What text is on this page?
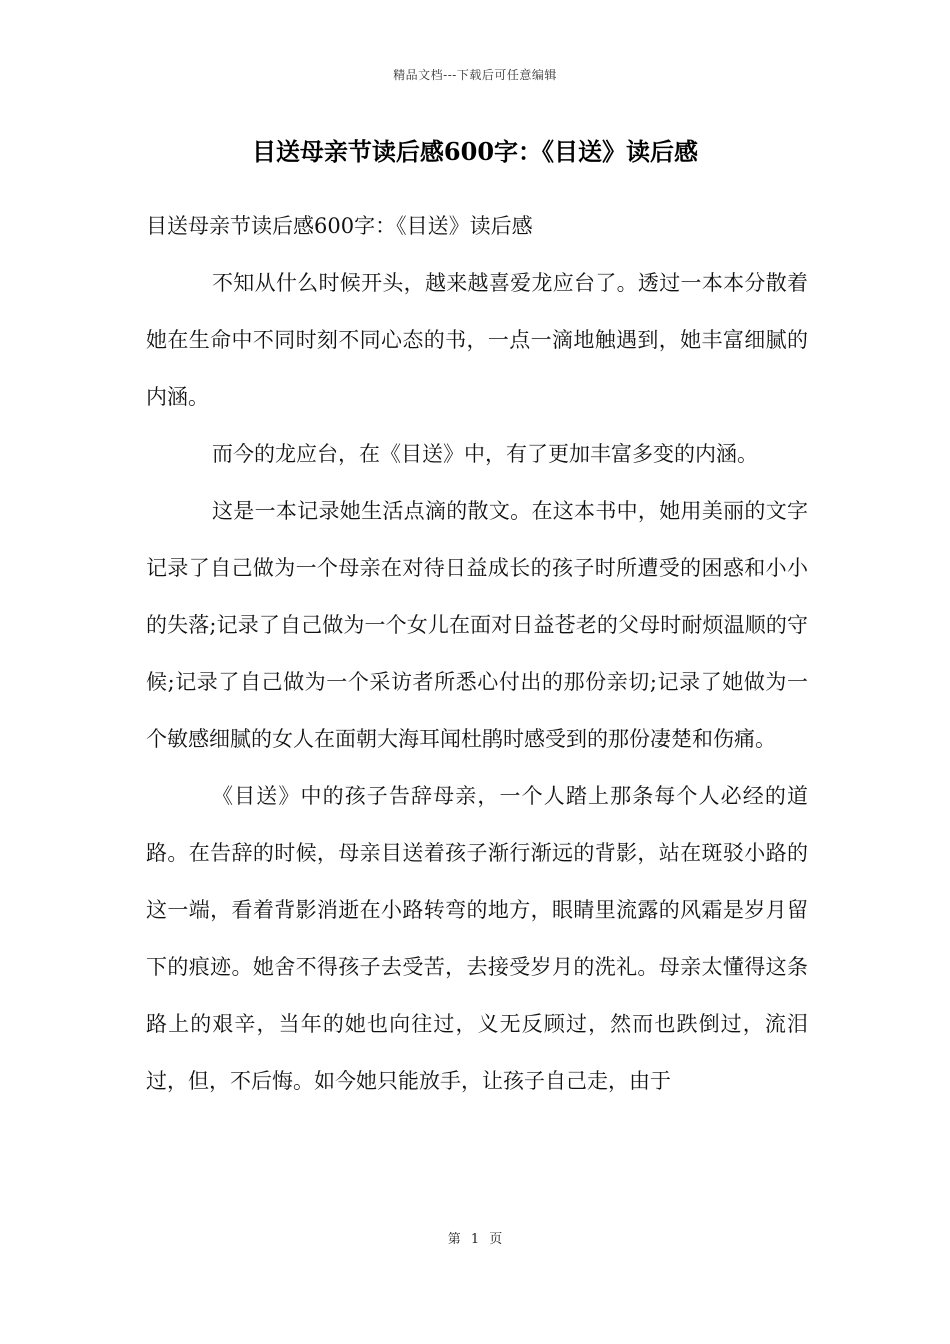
精品文档---下载后可任意编辑
目送母亲节读后感600字：《目送》读后感

目送母亲节读后感600字：《目送》读后感

不知从什么时候开头，越来越喜爱龙应台了。透过一本本分散着她在生命中不同时刻不同心态的书，一点一滴地触遇到，她丰富细腻的内涵。

而今的龙应台，在《目送》中，有了更加丰富多变的内涵。

这是一本记录她生活点滴的散文。在这本书中，她用美丽的文字记录了自己做为一个母亲在对待日益成长的孩子时所遭受的困惑和小小的失落;记录了自己做为一个女儿在面对日益苍老的父母时耐烦温顺的守候;记录了自己做为一个采访者所悉心付出的那份亲切;记录了她做为一个敏感细腻的女人在面朝大海耳闻杜鹃时感受到的那份凄楚和伤痛。

《目送》中的孩子告辞母亲，一个人踏上那条每个人必经的道路。在告辞的时候，母亲目送着孩子渐行渐远的背影，站在斑驳小路的这一端，看着背影消逝在小路转弯的地方，眼睛里流露的风霜是岁月留下的痕迹。她舍不得孩子去受苦，去接受岁月的洗礼。母亲太懂得这条路上的艰辛，当年的她也向往过，义无反顾过，然而也跌倒过，流泪过，但，不后悔。如今她只能放手，让孩子自己走，由于

第 1 页
